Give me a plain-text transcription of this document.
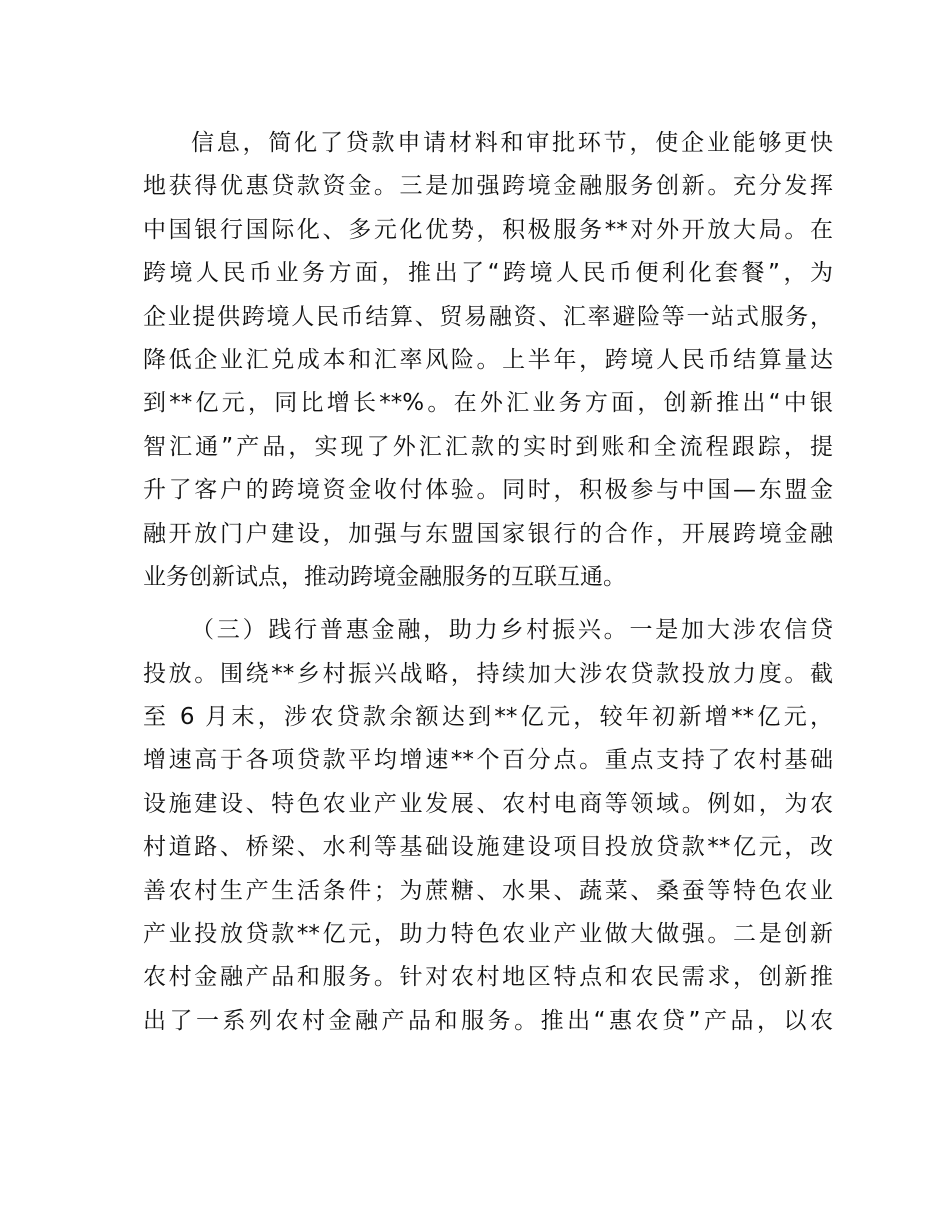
信息，简化了贷款申请材料和审批环节，使企业能够更快
地获得优惠贷款资金。三是加强跨境金融服务创新。充分发挥
中国银行国际化、多元化优势，积极服务**对外开放大局。在
跨境人民币业务方面，推出了“跨境人民币便利化套餐”，为
企业提供跨境人民币结算、贸易融资、汇率避险等一站式服务，
降低企业汇兑成本和汇率风险。上半年，跨境人民币结算量达
到**亿元，同比增长**%。在外汇业务方面，创新推出“中银
智汇通”产品，实现了外汇汇款的实时到账和全流程跟踪，提
升了客户的跨境资金收付体验。同时，积极参与中国—东盟金
融开放门户建设，加强与东盟国家银行的合作，开展跨境金融
业务创新试点，推动跨境金融服务的互联互通。
（三）践行普惠金融，助力乡村振兴。一是加大涉农信贷
投放。围绕**乡村振兴战略，持续加大涉农贷款投放力度。截
至 6 月末，涉农贷款余额达到**亿元，较年初新增**亿元，
增速高于各项贷款平均增速**个百分点。重点支持了农村基础
设施建设、特色农业产业发展、农村电商等领域。例如，为农
村道路、桥梁、水利等基础设施建设项目投放贷款**亿元，改
善农村生产生活条件；为蔗糖、水果、蔬菜、桑蚕等特色农业
产业投放贷款**亿元，助力特色农业产业做大做强。二是创新
农村金融产品和服务。针对农村地区特点和农民需求，创新推
出了一系列农村金融产品和服务。推出“惠农贷”产品，以农
